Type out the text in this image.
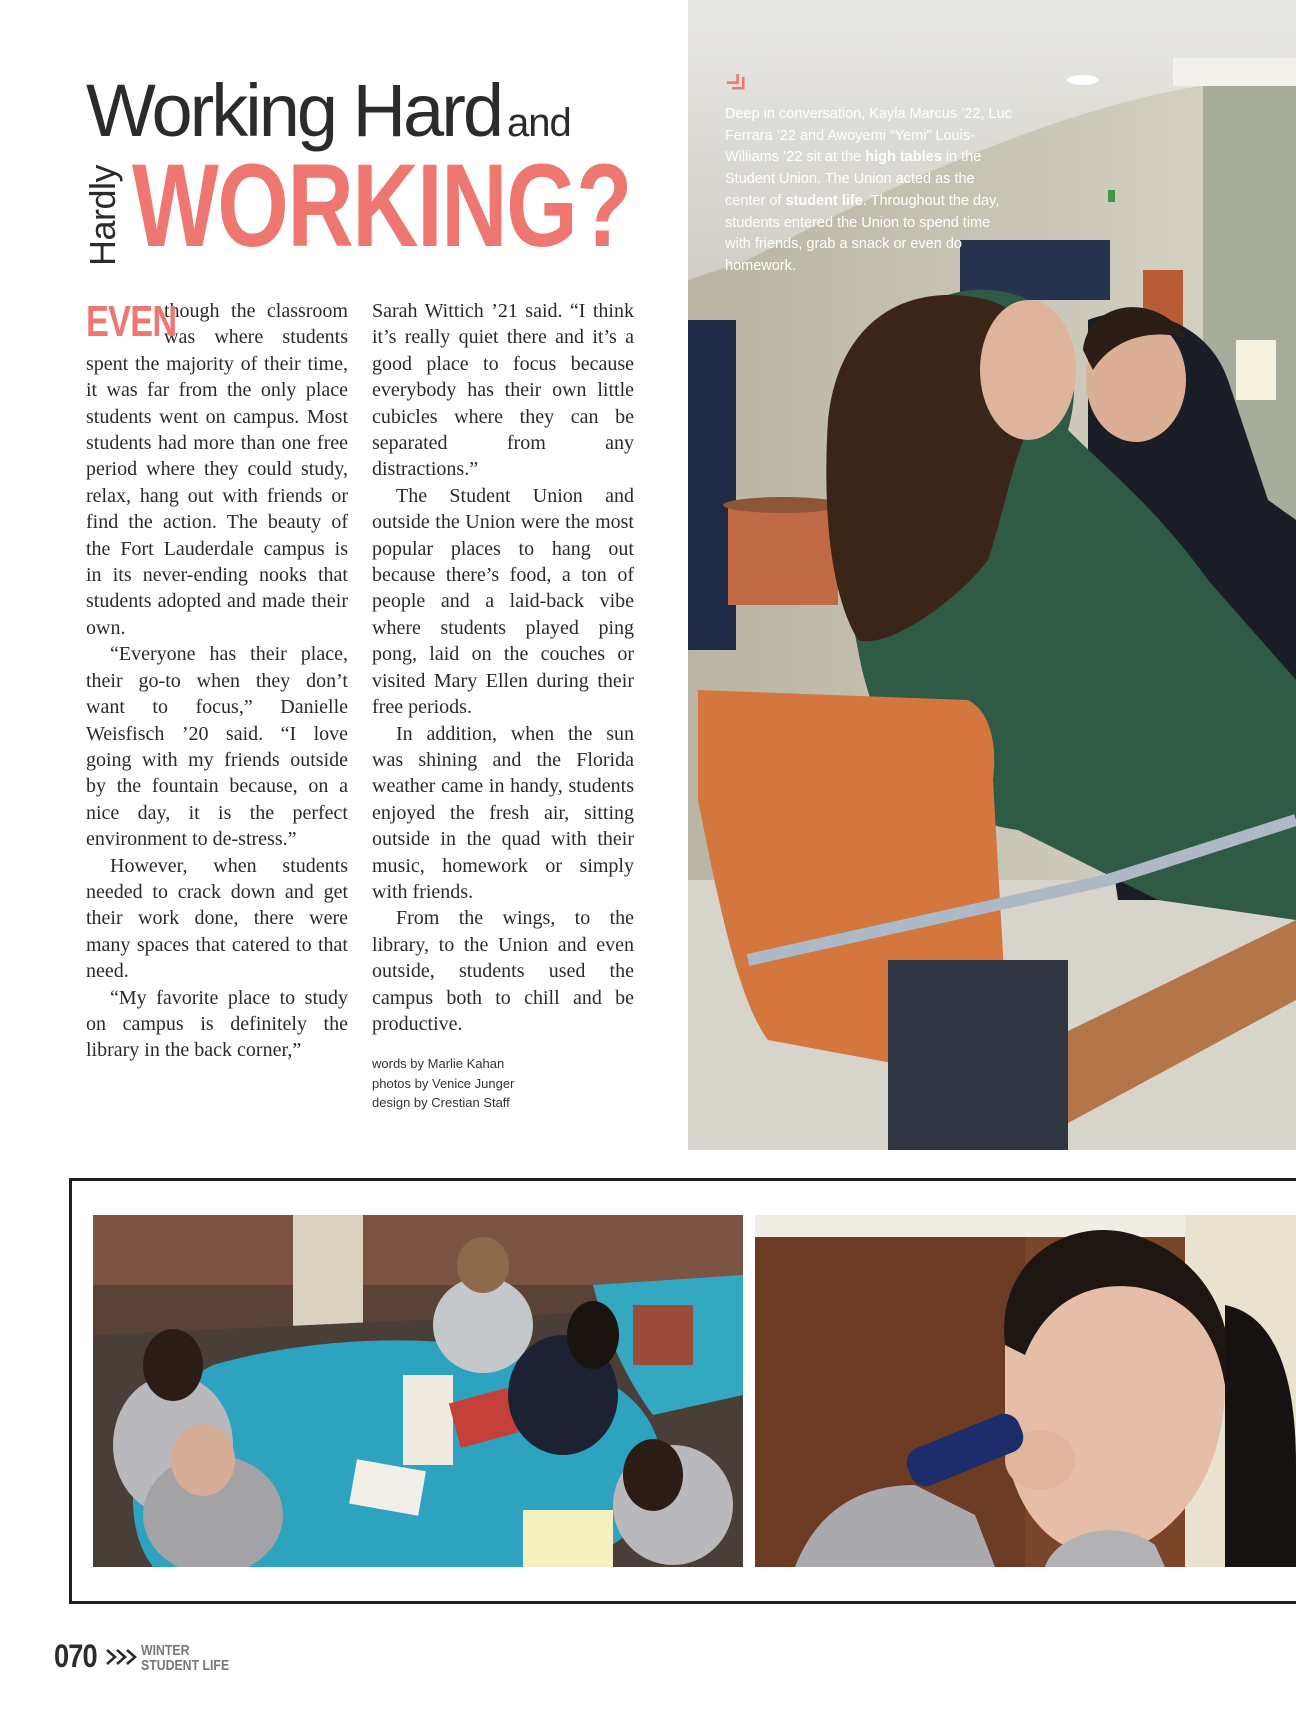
Working Hard and
Hardly WORKING?

EVEN
though the classroom was where students spent the majority of their time, it was far from the only place students went on campus. Most students had more than one free period where they could study, relax, hang out with friends or find the action. The beauty of the Fort Lauderdale campus is in its never-ending nooks that students adopted and made their own.

“Everyone has their place, their go-to when they don’t want to focus,” Danielle Weisfisch ’20 said. “I love going with my friends outside by the fountain because, on a nice day, it is the perfect environment to de-stress.”

However, when students needed to crack down and get their work done, there were many spaces that catered to that need.

“My favorite place to study on campus is definitely the library in the back corner,”

Sarah Wittich ’21 said. “I think it’s really quiet there and it’s a good place to focus because everybody has their own little cubicles where they can be separated from any distractions.”

The Student Union and outside the Union were the most popular places to hang out because there’s food, a ton of people and a laid-back vibe where students played ping pong, laid on the couches or visited Mary Ellen during their free periods.

In addition, when the sun was shining and the Florida weather came in handy, students enjoyed the fresh air, sitting outside in the quad with their music, homework or simply with friends.

From the wings, to the library, to the Union and even outside, students used the campus both to chill and be productive.

words by Marlie Kahan
photos by Venice Junger
design by Crestian Staff
Deep in conversation, Kayla Marcus ’22, Luc Ferrara ’22 and Awoyemi “Yemi” Louis-Williams ’22 sit at the high tables in the Student Union. The Union acted as the center of student life. Throughout the day, students entered the Union to spend time with friends, grab a snack or even do homework.
070	WINTER
STUDENT LIFE
